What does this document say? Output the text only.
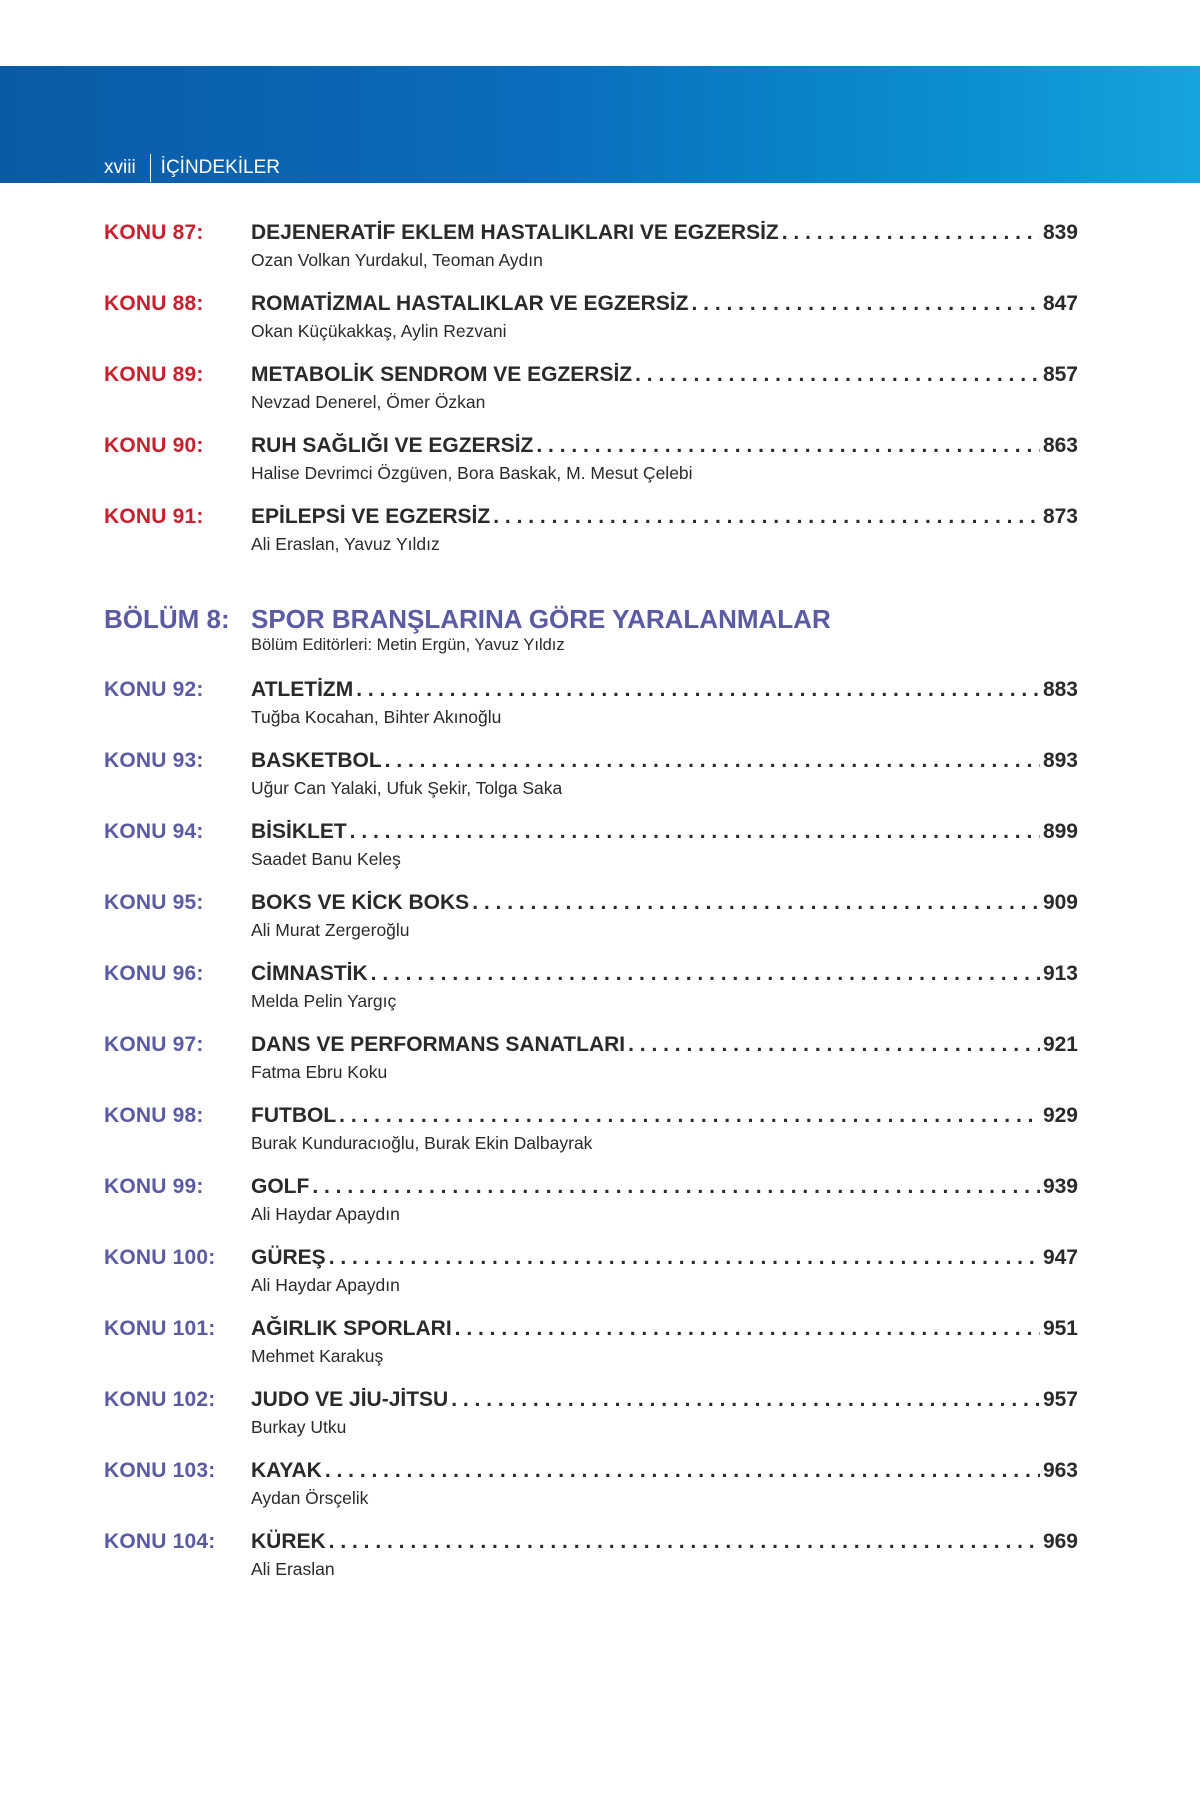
xviii İÇİNDEKİLER
KONU 87: DEJENERATİF EKLEM HASTALIKLARI VE EGZERSİZ . . .	839
Ozan Volkan Yurdakul, Teoman Aydın
KONU 88: ROMATİZMAL HASTALIKLAR VE EGZERSİZ . . .	847
Okan Küçükakkaş, Aylin Rezvani
KONU 89: METABOLİK SENDROM VE EGZERSİZ . . .	857
Nevzad Denerel, Ömer Özkan
KONU 90: RUH SAĞLIĞI VE EGZERSİZ . . .	863
Halise Devrimci Özgüven, Bora Baskak, M. Mesut Çelebi
KONU 91: EPİLEPSİ VE EGZERSİZ . . .	873
Ali Eraslan, Yavuz Yıldız
BÖLÜM 8: SPOR BRANŞLARINA GÖRE YARALANMALAR
Bölüm Editörleri: Metin Ergün, Yavuz Yıldız
KONU 92: ATLETİZM . . .	883
Tuğba Kocahan, Bihter Akınoğlu
KONU 93: BASKETBOL . . .	893
Uğur Can Yalaki, Ufuk Şekir, Tolga Saka
KONU 94: BİSİKLET . . .	899
Saadet Banu Keleş
KONU 95: BOKS VE KİCK BOKS . . .	909
Ali Murat Zergeroğlu
KONU 96: CİMNASTİK . . .	913
Melda Pelin Yargıç
KONU 97: DANS VE PERFORMANS SANATLARI . . .	921
Fatma Ebru Koku
KONU 98: FUTBOL . . .	929
Burak Kunduracıoğlu, Burak Ekin Dalbayrak
KONU 99: GOLF . . .	939
Ali Haydar Apaydın
KONU 100: GÜREŞ . . .	947
Ali Haydar Apaydın
KONU 101: AĞIRLIK SPORLARI . . .	951
Mehmet Karakuş
KONU 102: JUDO VE JİU-JİTSU . . .	957
Burkay Utku
KONU 103: KAYAK . . .	963
Aydan Örsçelik
KONU 104: KÜREK . . .	969
Ali Eraslan
